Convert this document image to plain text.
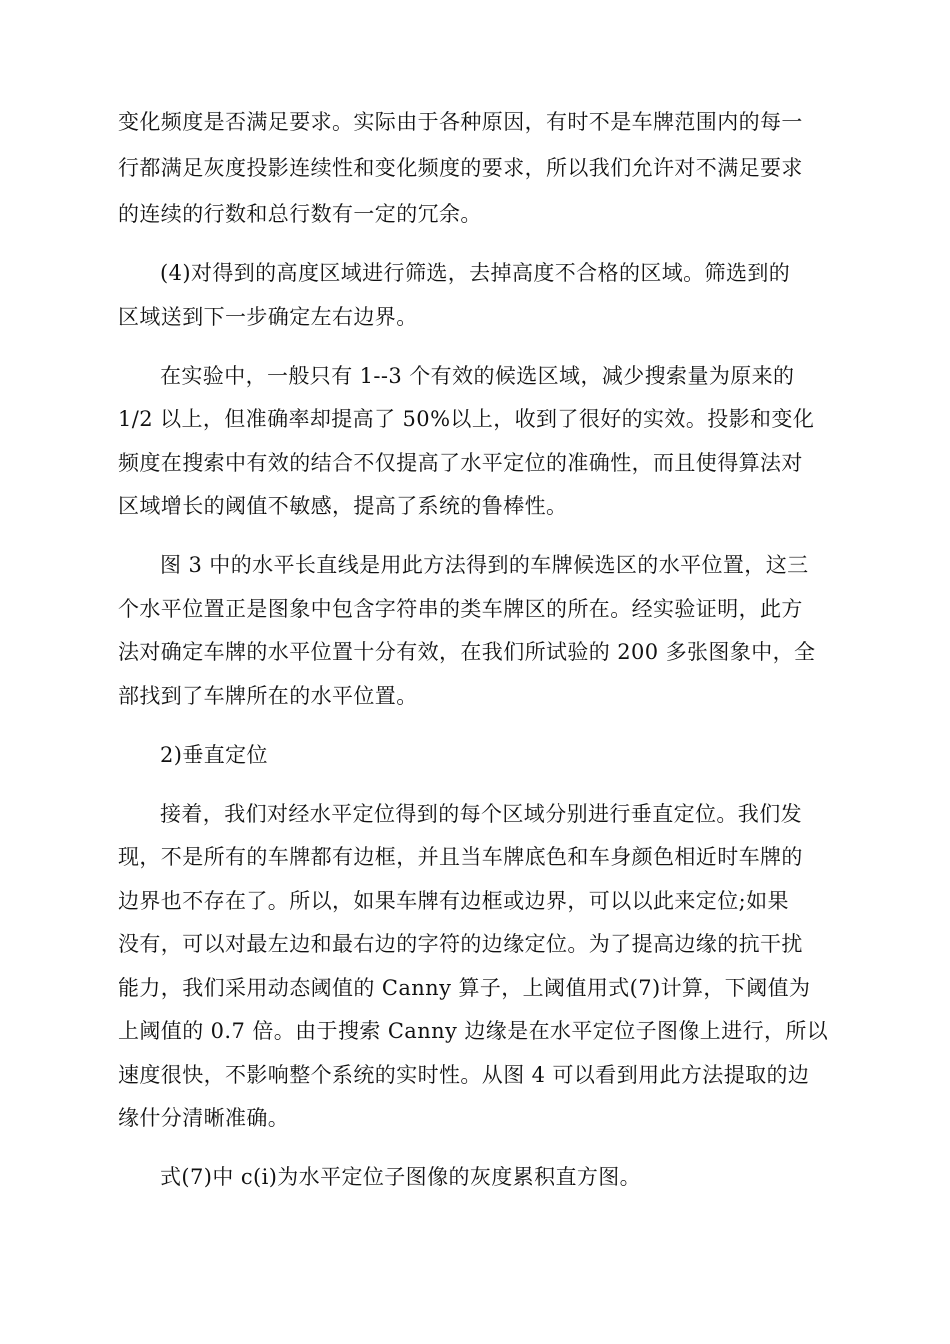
变化频度是否满足要求。实际由于各种原因，有时不是车牌范围内的每一
行都满足灰度投影连续性和变化频度的要求，所以我们允许对不满足要求
的连续的行数和总行数有一定的冗余。
(4)对得到的高度区域进行筛选，去掉高度不合格的区域。筛选到的
区域送到下一步确定左右边界。
在实验中，一般只有 1--3 个有效的候选区域，减少搜索量为原来的
1/2 以上，但准确率却提高了 50%以上，收到了很好的实效。投影和变化
频度在搜索中有效的结合不仅提高了水平定位的准确性，而且使得算法对
区域增长的阈值不敏感，提高了系统的鲁棒性。
图 3 中的水平长直线是用此方法得到的车牌候选区的水平位置，这三
个水平位置正是图象中包含字符串的类车牌区的所在。经实验证明，此方
法对确定车牌的水平位置十分有效，在我们所试验的 200 多张图象中，全
部找到了车牌所在的水平位置。
2)垂直定位
接着，我们对经水平定位得到的每个区域分别进行垂直定位。我们发
现，不是所有的车牌都有边框，并且当车牌底色和车身颜色相近时车牌的
边界也不存在了。所以，如果车牌有边框或边界，可以以此来定位;如果
没有，可以对最左边和最右边的字符的边缘定位。为了提高边缘的抗干扰
能力，我们采用动态阈值的 Canny 算子，上阈值用式(7)计算，下阈值为
上阈值的 0.7 倍。由于搜索 Canny 边缘是在水平定位子图像上进行，所以
速度很快，不影响整个系统的实时性。从图 4 可以看到用此方法提取的边
缘什分清晰准确。
式(7)中 c(i)为水平定位子图像的灰度累积直方图。
